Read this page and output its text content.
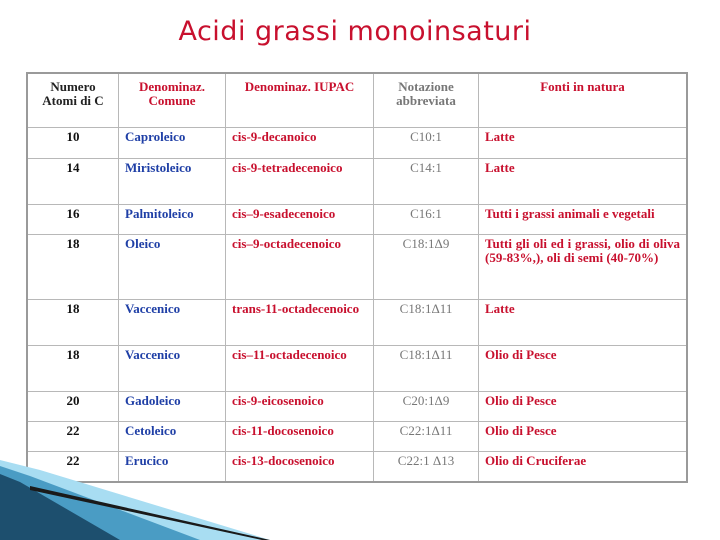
Acidi grassi monoinsaturi
Numero Atomi di C	Denominaz. Comune	Denominaz. IUPAC	Notazione abbreviata	Fonti in natura
10	Caproleico	cis-9-decanoico	C10:1	Latte
14	Miristoleico	cis-9-tetradecenoico	C14:1	Latte
16	Palmitoleico	cis–9-esadecenoico	C16:1	Tutti i grassi animali e vegetali
18	Oleico	cis–9-octadecenoico	C18:1Δ9	Tutti gli oli ed i grassi, olio di oliva (59-83%,), oli di semi (40-70%)
18	Vaccenico	trans-11-octadecenoico	C18:1Δ11	Latte
18	Vaccenico	cis–11-octadecenoico	C18:1Δ11	Olio di Pesce
20	Gadoleico	cis-9-eicosenoico	C20:1Δ9	Olio di Pesce
22	Cetoleico	cis-11-docosenoico	C22:1Δ11	Olio di Pesce
22	Erucico	cis-13-docosenoico	C22:1 Δ13	Olio di Cruciferae
